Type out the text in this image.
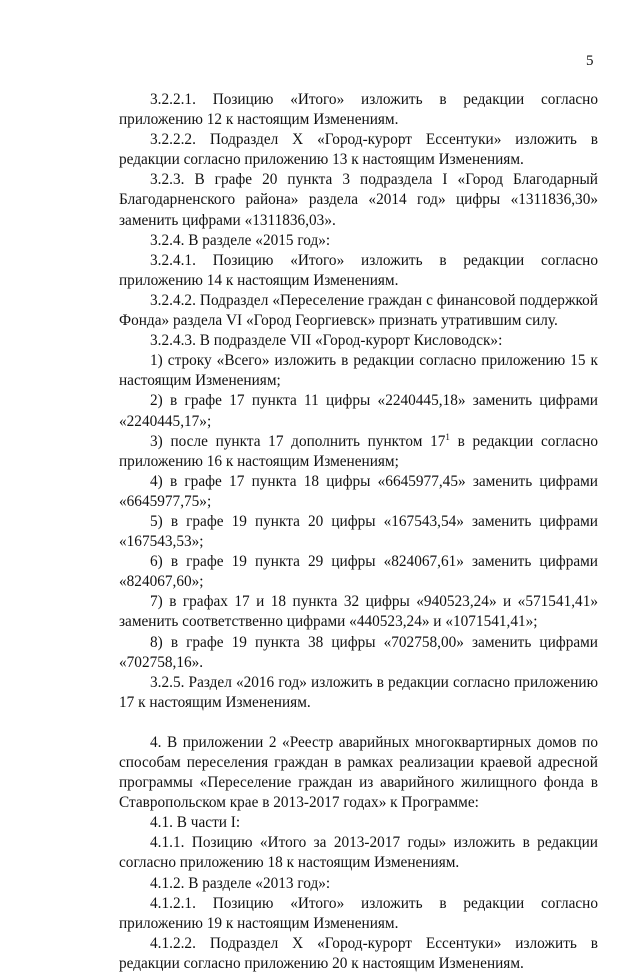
5

3.2.2.1. Позицию «Итого» изложить в редакции согласно приложению 12 к настоящим Изменениям.

3.2.2.2. Подраздел X «Город-курорт Ессентуки» изложить в редакции согласно приложению 13 к настоящим Изменениям.

3.2.3. В графе 20 пункта 3 подраздела I «Город Благодарный Благодарненского района» раздела «2014 год» цифры «1311836,30» заменить цифрами «1311836,03».

3.2.4. В разделе «2015 год»:

3.2.4.1. Позицию «Итого» изложить в редакции согласно приложению 14 к настоящим Изменениям.

3.2.4.2. Подраздел «Переселение граждан с финансовой поддержкой Фонда» раздела VI «Город Георгиевск» признать утратившим силу.

3.2.4.3. В подразделе VII «Город-курорт Кисловодск»:

1) строку «Всего» изложить в редакции согласно приложению 15 к настоящим Изменениям;

2) в графе 17 пункта 11 цифры «2240445,18» заменить цифрами «2240445,17»;

3) после пункта 17 дополнить пунктом $17^1$ в редакции согласно приложению 16 к настоящим Изменениям;

4) в графе 17 пункта 18 цифры «6645977,45» заменить цифрами «6645977,75»;

5) в графе 19 пункта 20 цифры «167543,54» заменить цифрами «167543,53»;

6) в графе 19 пункта 29 цифры «824067,61» заменить цифрами «824067,60»;

7) в графах 17 и 18 пункта 32 цифры «940523,24» и «571541,41» заменить соответственно цифрами «440523,24» и «1071541,41»;

8) в графе 19 пункта 38 цифры «702758,00» заменить цифрами «702758,16».

3.2.5. Раздел «2016 год» изложить в редакции согласно приложению 17 к настоящим Изменениям.

4. В приложении 2 «Реестр аварийных многоквартирных домов по способам переселения граждан в рамках реализации краевой адресной программы «Переселение граждан из аварийного жилищного фонда в Ставропольском крае в 2013-2017 годах» к Программе:

4.1. В части I:

4.1.1. Позицию «Итого за 2013-2017 годы» изложить в редакции согласно приложению 18 к настоящим Изменениям.

4.1.2. В разделе «2013 год»:

4.1.2.1. Позицию «Итого» изложить в редакции согласно приложению 19 к настоящим Изменениям.

4.1.2.2. Подраздел X «Город-курорт Ессентуки» изложить в редакции согласно приложению 20 к настоящим Изменениям.
